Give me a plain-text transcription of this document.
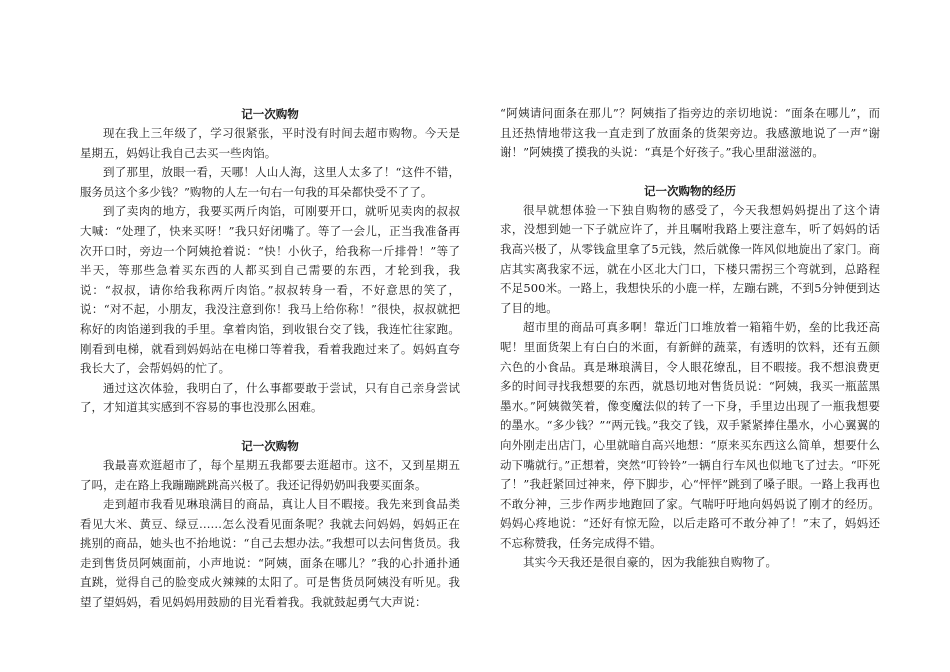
记一次购物

现在我上三年级了，学习很紧张，平时没有时间去超市购物。今天是星期五，妈妈让我自己去买一些肉馅。

到了那里，放眼一看，天哪！人山人海，这里人太多了！“这件不错，服务员这个多少钱？”购物的人左一句右一句我的耳朵都快受不了了。

到了卖肉的地方，我要买两斤肉馅，可刚要开口，就听见卖肉的叔叔大喊：“处理了，快来买呀！”我只好闭嘴了。等了一会儿，正当我准备再次开口时，旁边一个阿姨抢着说：“快！小伙子，给我称一斤排骨！”等了半天，等那些急着买东西的人都买到自己需要的东西，才轮到我，我说：“叔叔，请你给我称两斤肉馅。”叔叔转身一看，不好意思的笑了，说：“对不起，小朋友，我没注意到你！我马上给你称！”很快，叔叔就把称好的肉馅递到我的手里。拿着肉馅，到收银台交了钱，我连忙往家跑。刚看到电梯，就看到妈妈站在电梯口等着我，看着我跑过来了。妈妈直夸我长大了，会帮妈妈的忙了。

通过这次体验，我明白了，什么事都要敢于尝试，只有自己亲身尝试了，才知道其实感到不容易的事也没那么困难。

记一次购物

我最喜欢逛超市了，每个星期五我都要去逛超市。这不，又到星期五了吗，走在路上我蹦蹦跳跳高兴极了。我还记得奶奶叫我要买面条。

走到超市我看见琳琅满目的商品，真让人目不暇接。我先来到食品类看见大米、黄豆、绿豆……怎么没看见面条呢？我就去问妈妈，妈妈正在挑别的商品，她头也不抬地说：“自己去想办法。”我想可以去问售货员。我走到售货员阿姨面前，小声地说：“阿姨，面条在哪儿？”我的心扑通扑通直跳，觉得自己的脸变成火辣辣的太阳了。可是售货员阿姨没有听见。我望了望妈妈，看见妈妈用鼓励的目光看着我。我就鼓起勇气大声说：

“阿姨请问面条在那儿”？阿姨指了指旁边的亲切地说：“面条在哪儿”，而且还热情地带这我一直走到了放面条的货架旁边。我感激地说了一声“谢谢！”阿姨摸了摸我的头说：“真是个好孩子。”我心里甜滋滋的。

记一次购物的经历

很早就想体验一下独自购物的感受了，今天我想妈妈提出了这个请求，没想到她一下子就应许了，并且嘱咐我路上要注意车，听了妈妈的话我高兴极了，从零钱盒里拿了5元钱，然后就像一阵风似地旋出了家门。商店其实离我家不远，就在小区北大门口，下楼只需拐三个弯就到，总路程不足500米。一路上，我想快乐的小鹿一样，左蹦右跳，不到5分钟便到达了目的地。

超市里的商品可真多啊！靠近门口堆放着一箱箱牛奶，垒的比我还高呢！里面货架上有白白的米面，有新鲜的蔬菜，有透明的饮料，还有五颜六色的小食品。真是琳琅满目，令人眼花缭乱，目不暇接。我不想浪费更多的时间寻找我想要的东西，就恳切地对售货员说：“阿姨，我买一瓶蓝黑墨水。”阿姨微笑着，像变魔法似的转了一下身，手里边出现了一瓶我想要的墨水。“多少钱？”“两元钱。”我交了钱，双手紧紧捧住墨水，小心翼翼的向外刚走出店门，心里就暗自高兴地想：“原来买东西这么简单，想要什么动下嘴就行。”正想着，突然“叮铃铃”一辆自行车风也似地飞了过去。“吓死了！”我赶紧回过神来，停下脚步，心“怦怦”跳到了嗓子眼。一路上我再也不敢分神，三步作两步地跑回了家。气喘吁吁地向妈妈说了刚才的经历。妈妈心疼地说：“还好有惊无险，以后走路可不敢分神了！”末了，妈妈还不忘称赞我，任务完成得不错。

其实今天我还是很自豪的，因为我能独自购物了。
